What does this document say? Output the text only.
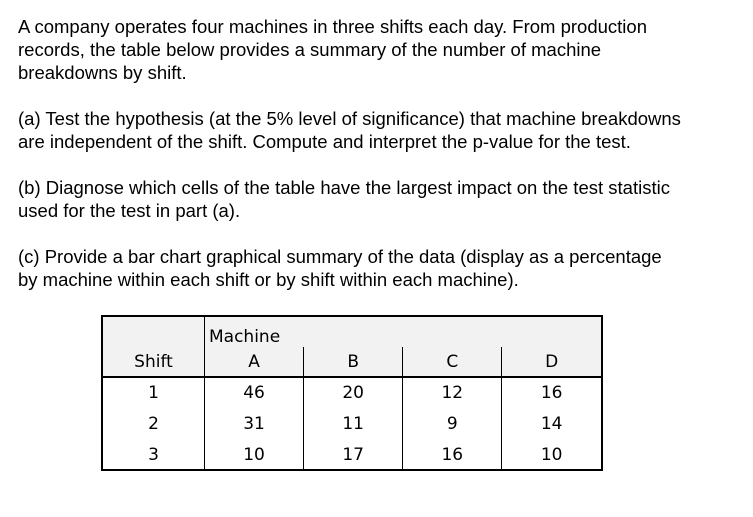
A company operates four machines in three shifts each day. From production
records, the table below provides a summary of the number of machine
breakdowns by shift.

(a) Test the hypothesis (at the 5% level of significance) that machine breakdowns
are independent of the shift. Compute and interpret the p-value for the test.

(b) Diagnose which cells of the table have the largest impact on the test statistic
used for the test in part (a).

(c) Provide a bar chart graphical summary of the data (display as a percentage
by machine within each shift or by shift within each machine).

	Machine			
Shift	A	B	C	D
1	46	20	12	16
2	31	11	9	14
3	10	17	16	10
